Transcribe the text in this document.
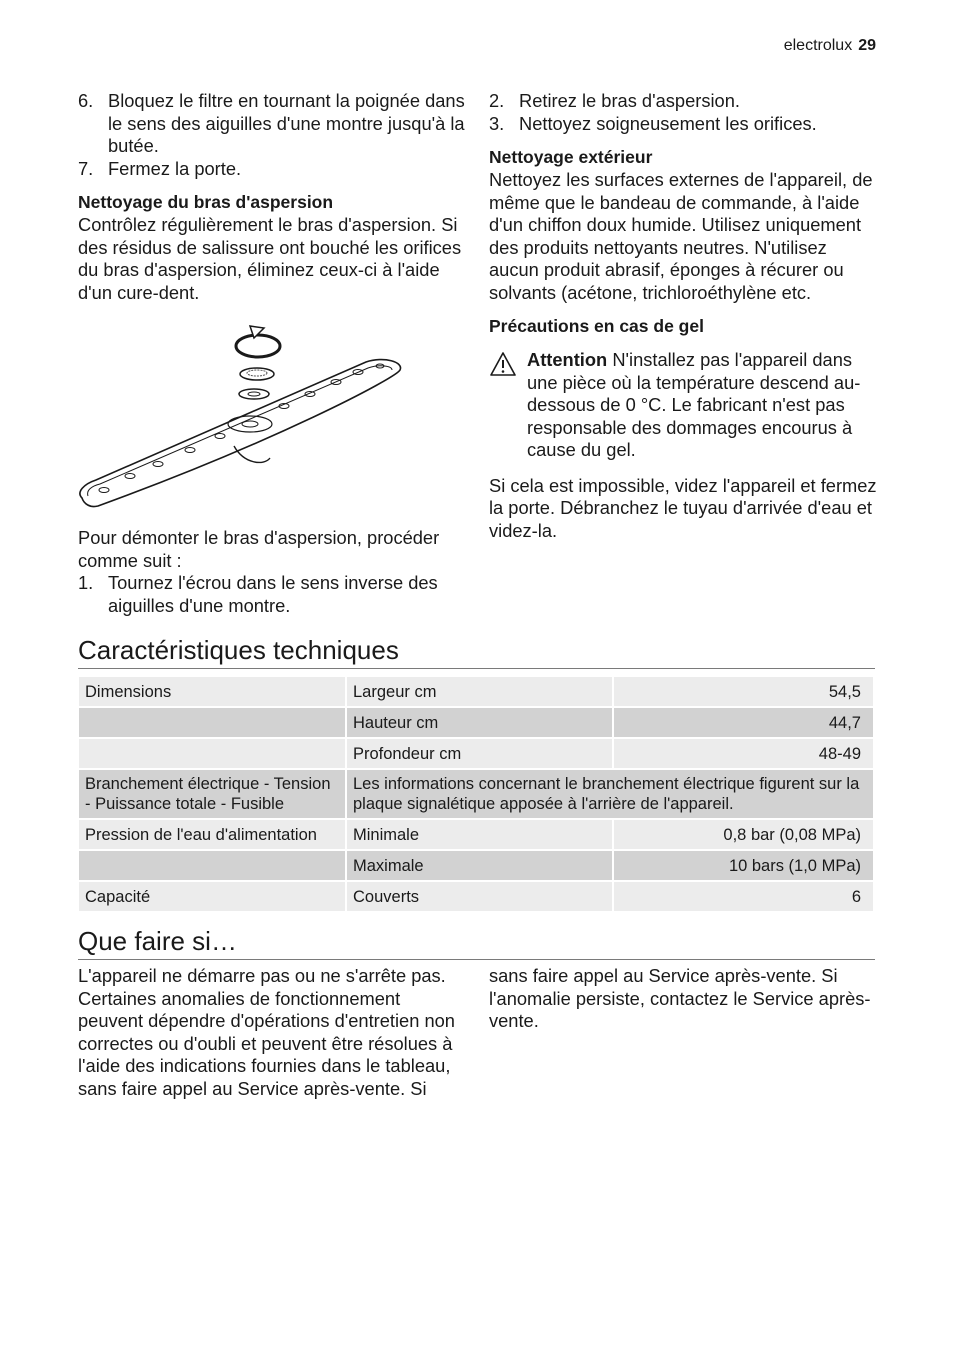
electrolux 29
6. Bloquez le filtre en tournant la poignée dans le sens des aiguilles d'une montre jusqu'à la butée.
7. Fermez la porte.
Nettoyage du bras d'aspersion

Contrôlez régulièrement le bras d'aspersion. Si des résidus de salissure ont bouché les orifices du bras d'aspersion, éliminez ceux-ci à l'aide d'un cure-dent.

Pour démonter le bras d'aspersion, procéder comme suit :

1. Tournez l'écrou dans le sens inverse des aiguilles d'une montre.
2. Retirez le bras d'aspersion.
3. Nettoyez soigneusement les orifices.
Nettoyage extérieur

Nettoyez les surfaces externes de l'appareil, de même que le bandeau de commande, à l'aide d'un chiffon doux humide. Utilisez uniquement des produits nettoyants neutres. N'utilisez aucun produit abrasif, éponges à récurer ou solvants (acétone, trichloroéthylène etc.

Précautions en cas de gel
Attention N'installez pas l'appareil dans une pièce où la température descend au-dessous de 0 °C. Le fabricant n'est pas responsable des dommages encourus à cause du gel.

Si cela est impossible, videz l'appareil et fermez la porte. Débranchez le tuyau d'arrivée d'eau et videz-la.

Caractéristiques techniques
Dimensions	Largeur cm	54,5
	Hauteur cm	44,7
	Profondeur cm	48-49
Branchement électrique - Tension - Puissance totale - Fusible	Les informations concernant le branchement électrique figurent sur la plaque signalétique apposée à l'arrière de l'appareil.	
Pression de l'eau d'alimentation	Minimale	0,8 bar (0,08 MPa)
	Maximale	10 bars (1,0 MPa)
Capacité	Couverts	6
Que faire si…

L'appareil ne démarre pas ou ne s'arrête pas.

Certaines anomalies de fonctionnement peuvent dépendre d'opérations d'entretien non correctes ou d'oubli et peuvent être résolues à l'aide des indications fournies dans le tableau, sans faire appel au Service après-vente. Si

sans faire appel au Service après-vente. Si l'anomalie persiste, contactez le Service après-vente.
